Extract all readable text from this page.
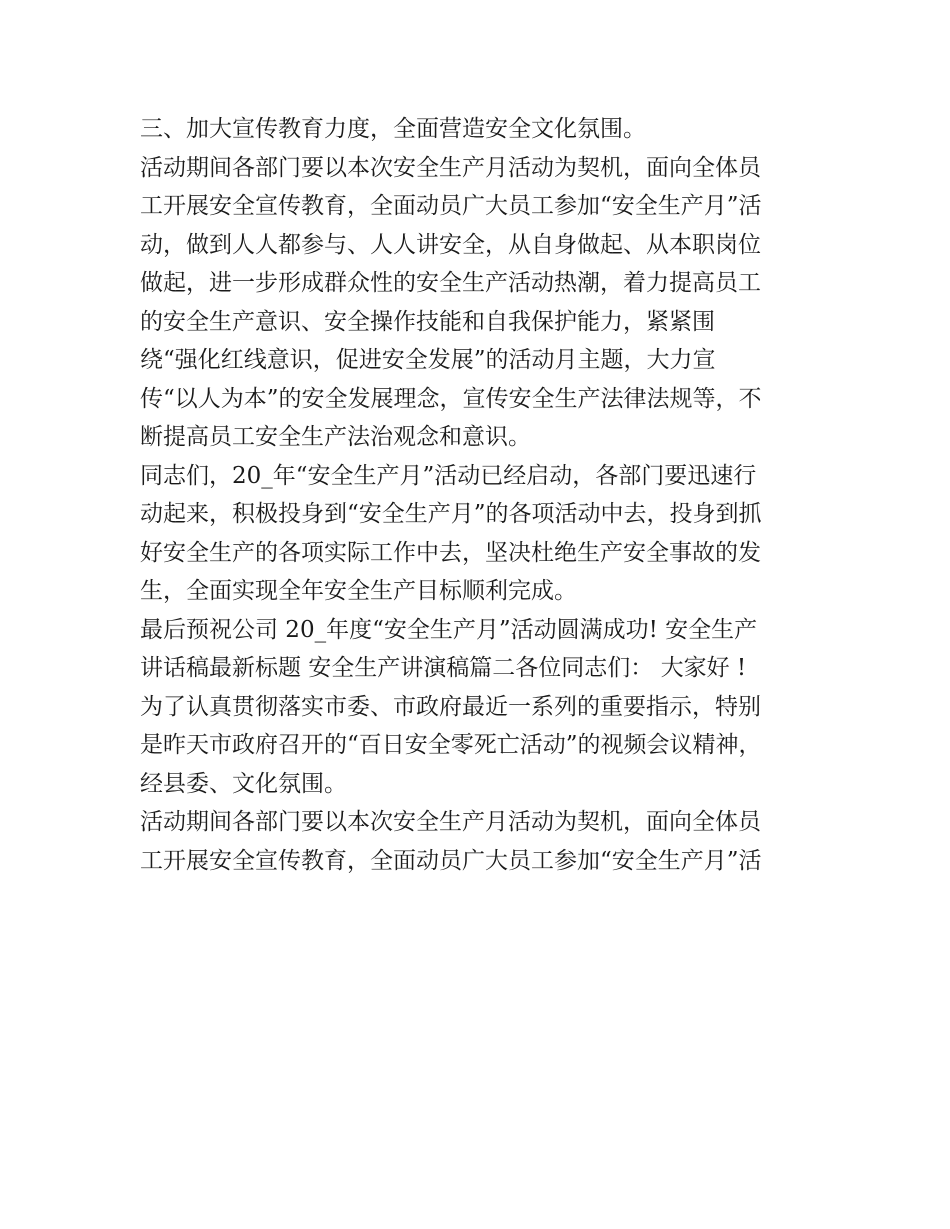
三、加大宣传教育力度，全面营造安全文化氛围。
活动期间各部门要以本次安全生产月活动为契机，面向全体员
工开展安全宣传教育，全面动员广大员工参加“安全生产月”活
动，做到人人都参与、人人讲安全，从自身做起、从本职岗位
做起，进一步形成群众性的安全生产活动热潮，着力提高员工
的安全生产意识、安全操作技能和自我保护能力，紧紧围
绕“强化红线意识，促进安全发展”的活动月主题，大力宣
传“以人为本”的安全发展理念，宣传安全生产法律法规等，不
断提高员工安全生产法治观念和意识。
同志们，20_年“安全生产月”活动已经启动，各部门要迅速行
动起来，积极投身到“安全生产月”的各项活动中去，投身到抓
好安全生产的各项实际工作中去，坚决杜绝生产安全事故的发
生，全面实现全年安全生产目标顺利完成。
最后预祝公司 20_年度“安全生产月”活动圆满成功! 安全生产
讲话稿最新标题 安全生产讲演稿篇二各位同志们： 大家好 !
为了认真贯彻落实市委、市政府最近一系列的重要指示，特别
是昨天市政府召开的“百日安全零死亡活动”的视频会议精神，
经县委、文化氛围。
活动期间各部门要以本次安全生产月活动为契机，面向全体员
工开展安全宣传教育，全面动员广大员工参加“安全生产月”活
